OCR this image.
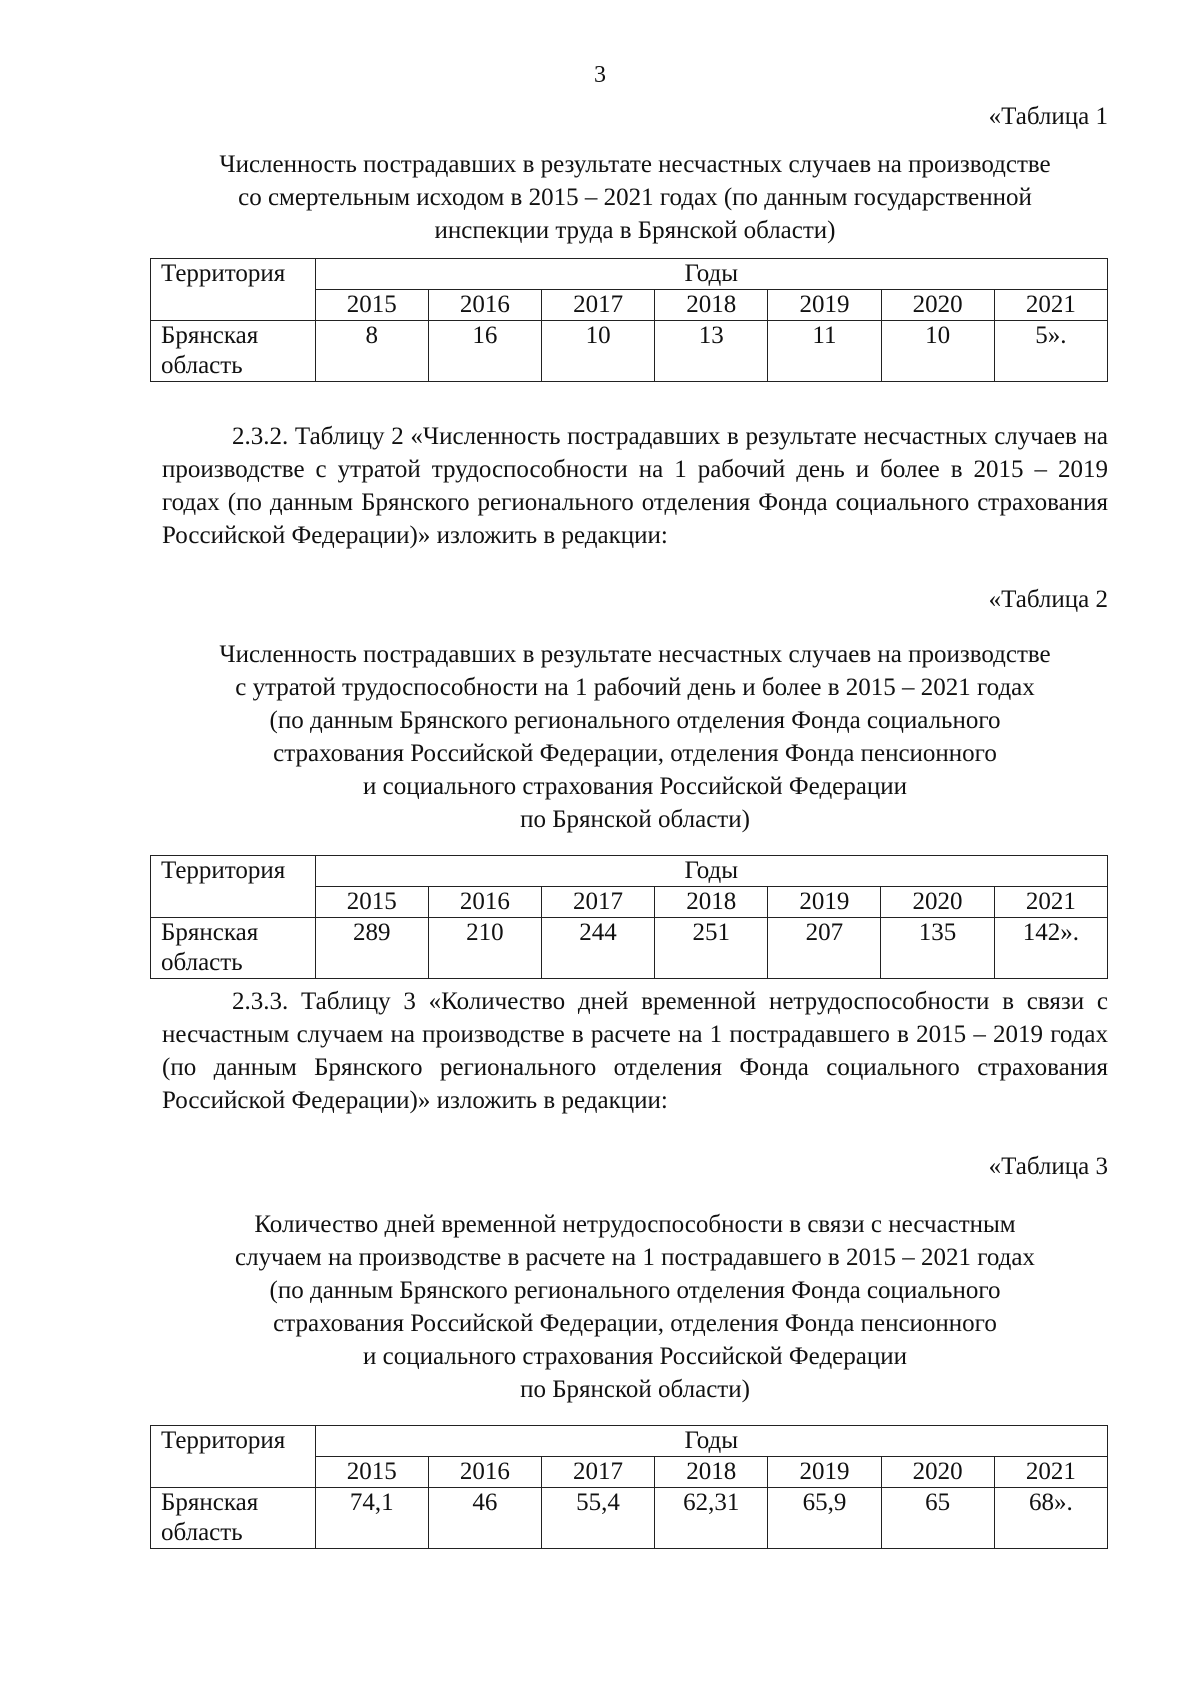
3
«Таблица 1
Численность пострадавших в результате несчастных случаев на производстве
со смертельным исходом в 2015 – 2021 годах (по данным государственной
инспекции труда в Брянской области)
Территория	Годы						
	2015	2016	2017	2018	2019	2020	2021

Брянская
область	8	16	10	13	11	10	5».
2.3.2. Таблицу 2 «Численность пострадавших в результате несчастных случаев на производстве с утратой трудоспособности на 1 рабочий день и более в 2015 – 2019 годах (по данным Брянского регионального отделения Фонда социального страхования Российской Федерации)» изложить в редакции:
«Таблица 2
Численность пострадавших в результате несчастных случаев на производстве
с утратой трудоспособности на 1 рабочий день и более в 2015 – 2021 годах
(по данным Брянского регионального отделения Фонда социального
страхования Российской Федерации, отделения Фонда пенсионного
и социального страхования Российской Федерации
по Брянской области)
Территория	Годы						
	2015	2016	2017	2018	2019	2020	2021

Брянская
область	289	210	244	251	207	135	142».
2.3.3. Таблицу 3 «Количество дней временной нетрудоспособности в связи с несчастным случаем на производстве в расчете на 1 пострадавшего в 2015 – 2019 годах (по данным Брянского регионального отделения Фонда социального страхования Российской Федерации)» изложить в редакции:
«Таблица 3
Количество дней временной нетрудоспособности в связи с несчастным
случаем на производстве в расчете на 1 пострадавшего в 2015 – 2021 годах
(по данным Брянского регионального отделения Фонда социального
страхования Российской Федерации, отделения Фонда пенсионного
и социального страхования Российской Федерации
по Брянской области)
Территория	Годы						
	2015	2016	2017	2018	2019	2020	2021

Брянская
область	74,1	46	55,4	62,31	65,9	65	68».
